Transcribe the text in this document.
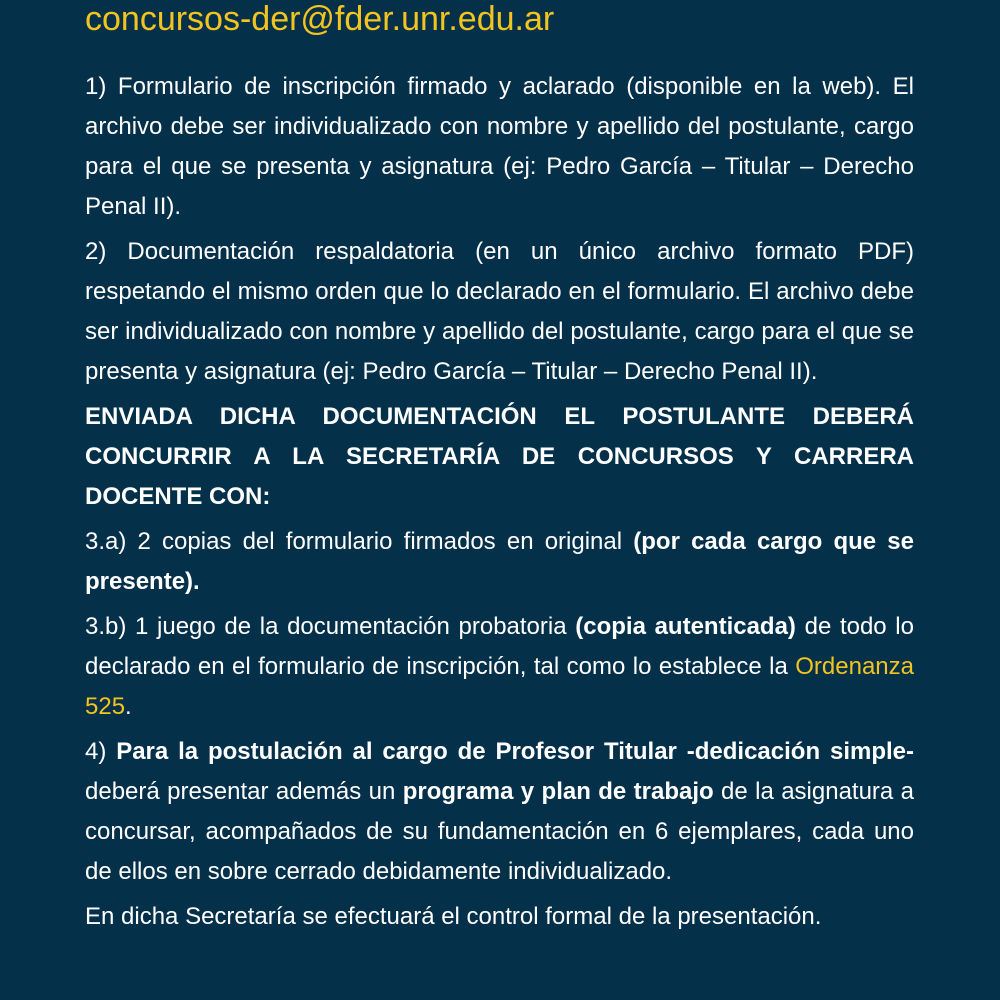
concursos-der@fder.unr.edu.ar

1) Formulario de inscripción firmado y aclarado (disponible en la web). El archivo debe ser individualizado con nombre y apellido del postulante, cargo para el que se presenta y asignatura (ej: Pedro García – Titular – Derecho Penal II).

2) Documentación respaldatoria (en un único archivo formato PDF) respetando el mismo orden que lo declarado en el formulario. El archivo debe ser individualizado con nombre y apellido del postulante, cargo para el que se presenta y asignatura (ej: Pedro García – Titular – Derecho Penal II).

ENVIADA DICHA DOCUMENTACIÓN EL POSTULANTE DEBERÁ CONCURRIR A LA SECRETARÍA DE CONCURSOS Y CARRERA DOCENTE CON:

3.a) 2 copias del formulario firmados en original (por cada cargo que se presente).

3.b) 1 juego de la documentación probatoria (copia autenticada) de todo lo declarado en el formulario de inscripción, tal como lo establece la Ordenanza 525.

4) Para la postulación al cargo de Profesor Titular -dedicación simple- deberá presentar además un programa y plan de trabajo de la asignatura a concursar, acompañados de su fundamentación en 6 ejemplares, cada uno de ellos en sobre cerrado debidamente individualizado.

En dicha Secretaría se efectuará el control formal de la presentación.
